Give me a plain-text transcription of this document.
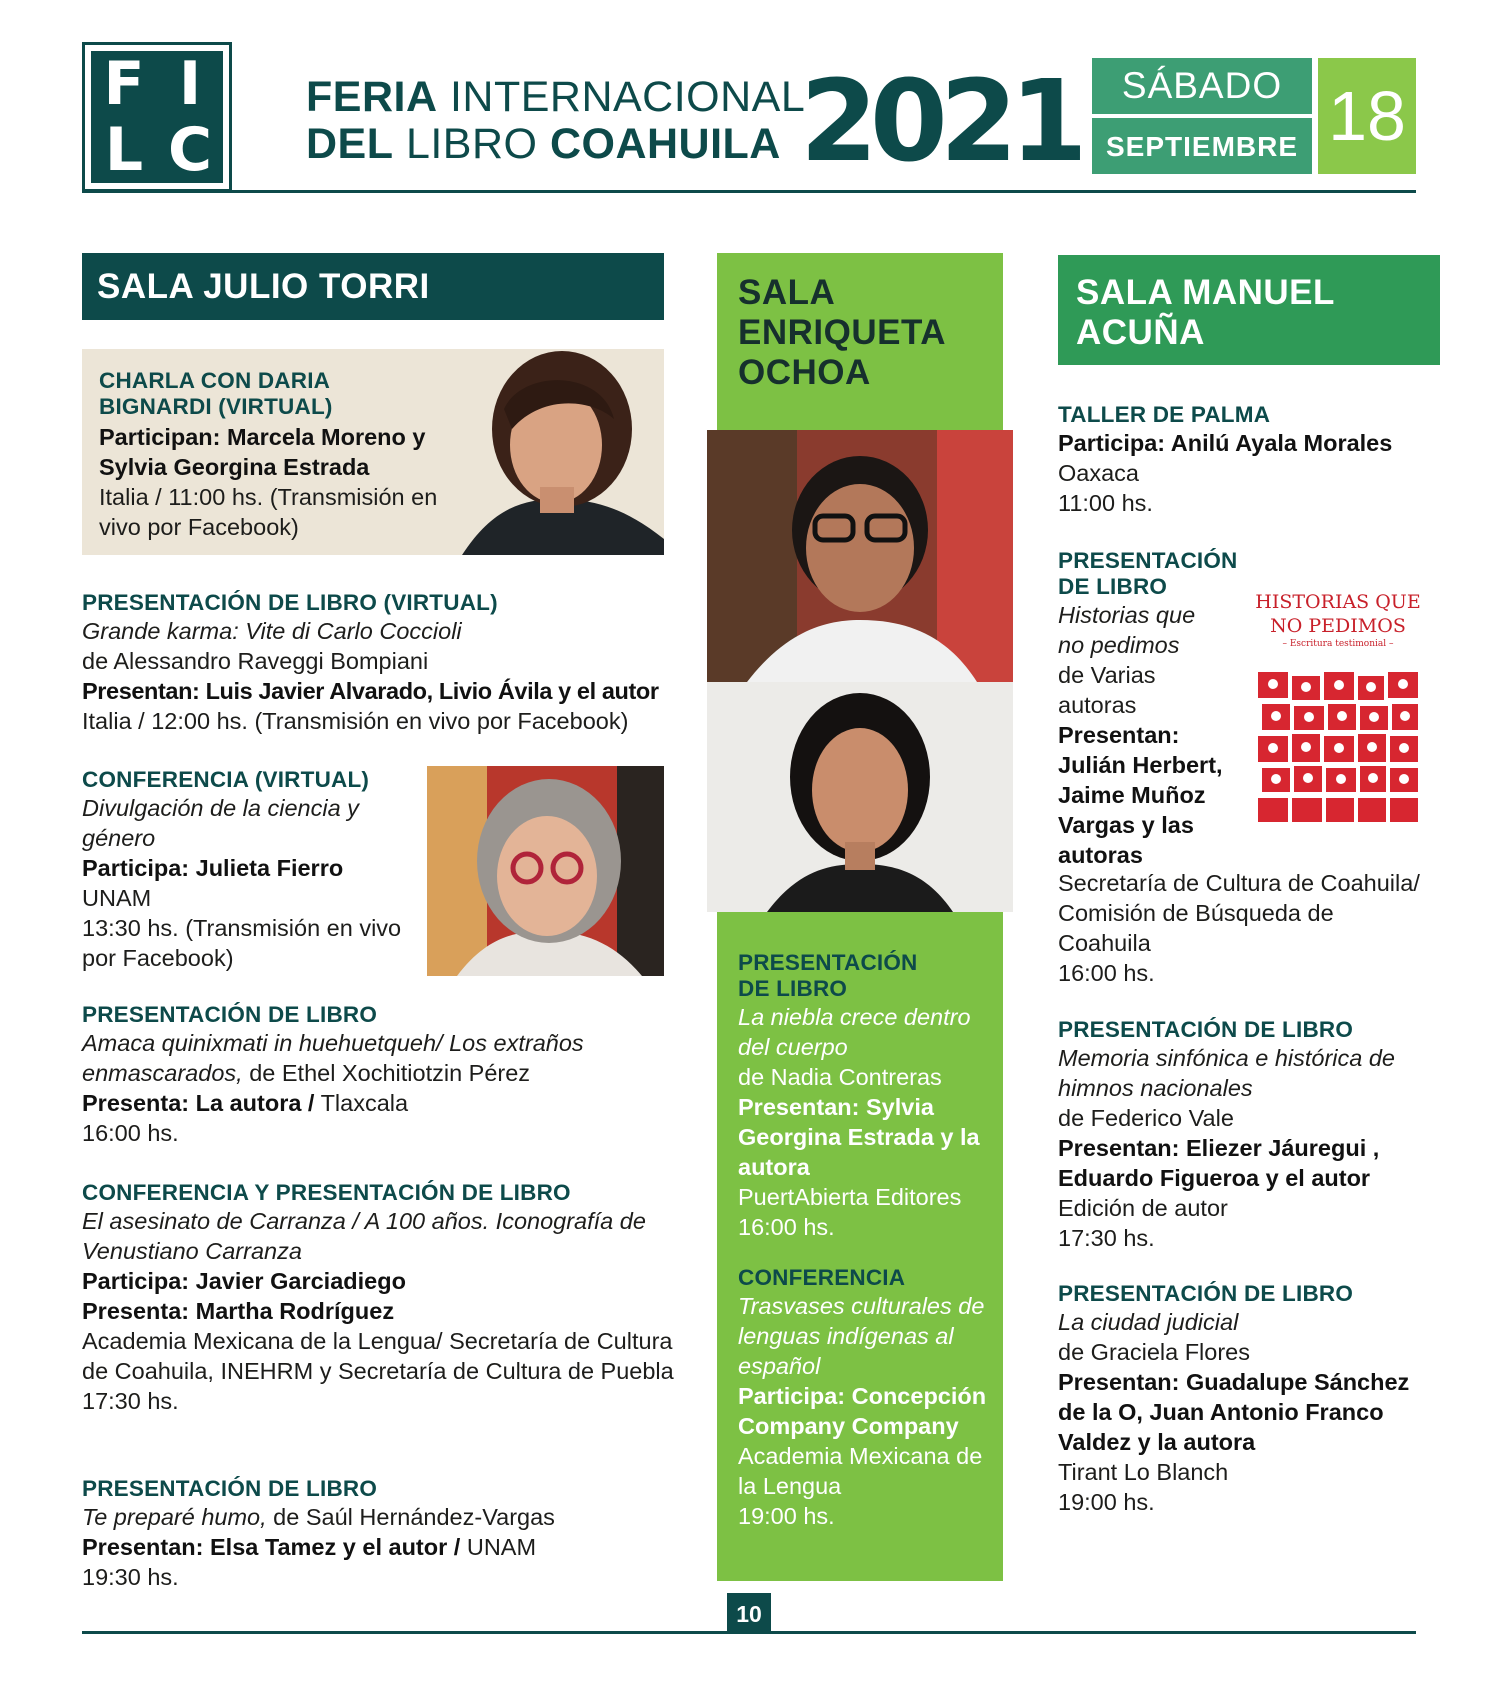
F I
L C
FERIA INTERNACIONAL
DEL LIBRO COAHUILA 2021	SÁBADO
SEPTIEMBRE 18
SALA JULIO TORRI
CHARLA CON DARIA BIGNARDI (VIRTUAL)
Participan: Marcela Moreno y Sylvia Georgina Estrada
Italia / 11:00 hs. (Transmisión en vivo por Facebook)
PRESENTACIÓN DE LIBRO (VIRTUAL)
Grande karma: Vite di Carlo Coccioli
de Alessandro Raveggi Bompiani
Presentan: Luis Javier Alvarado, Livio Ávila y el autor
Italia / 12:00 hs. (Transmisión en vivo por Facebook)
CONFERENCIA (VIRTUAL)
Divulgación de la ciencia y género
Participa: Julieta Fierro
UNAM
13:30 hs. (Transmisión en vivo por Facebook)
PRESENTACIÓN DE LIBRO
Amaca quinixmati in huehuetqueh/ Los extraños enmascarados, de Ethel Xochitiotzin Pérez
Presenta: La autora / Tlaxcala
16:00 hs.
CONFERENCIA Y PRESENTACIÓN DE LIBRO
El asesinato de Carranza / A 100 años. Iconografía de Venustiano Carranza
Participa: Javier Garciadiego
Presenta: Martha Rodríguez
Academia Mexicana de la Lengua/ Secretaría de Cultura de Coahuila, INEHRM y Secretaría de Cultura de Puebla
17:30 hs.
PRESENTACIÓN DE LIBRO
Te preparé humo, de Saúl Hernández-Vargas
Presentan: Elsa Tamez y el autor / UNAM
19:30 hs.
SALA
ENRIQUETA
OCHOA
PRESENTACIÓN DE LIBRO
La niebla crece dentro del cuerpo
de Nadia Contreras
Presentan: Sylvia Georgina Estrada y la autora
PuertAbierta Editores
16:00 hs.
CONFERENCIA
Trasvases culturales de lenguas indígenas al español
Participa: Concepción Company Company
Academia Mexicana de la Lengua
19:00 hs.
SALA MANUEL
ACUÑA
TALLER DE PALMA
Participa: Anilú Ayala Morales
Oaxaca
11:00 hs.
PRESENTACIÓN DE LIBRO
Historias que no pedimos
de Varias autoras
Presentan: Julián Herbert, Jaime Muñoz Vargas y las autoras
Secretaría de Cultura de Coahuila/ Comisión de Búsqueda de Coahuila
16:00 hs.
HISTORIAS QUE
NO PEDIMOS
– Escritura testimonial –
PRESENTACIÓN DE LIBRO
Memoria sinfónica e histórica de himnos nacionales
de Federico Vale
Presentan: Eliezer Jáuregui , Eduardo Figueroa y el autor
Edición de autor
17:30 hs.
PRESENTACIÓN DE LIBRO
La ciudad judicial
de Graciela Flores
Presentan: Guadalupe Sánchez de la O, Juan Antonio Franco Valdez y la autora
Tirant Lo Blanch
19:00 hs.
10
